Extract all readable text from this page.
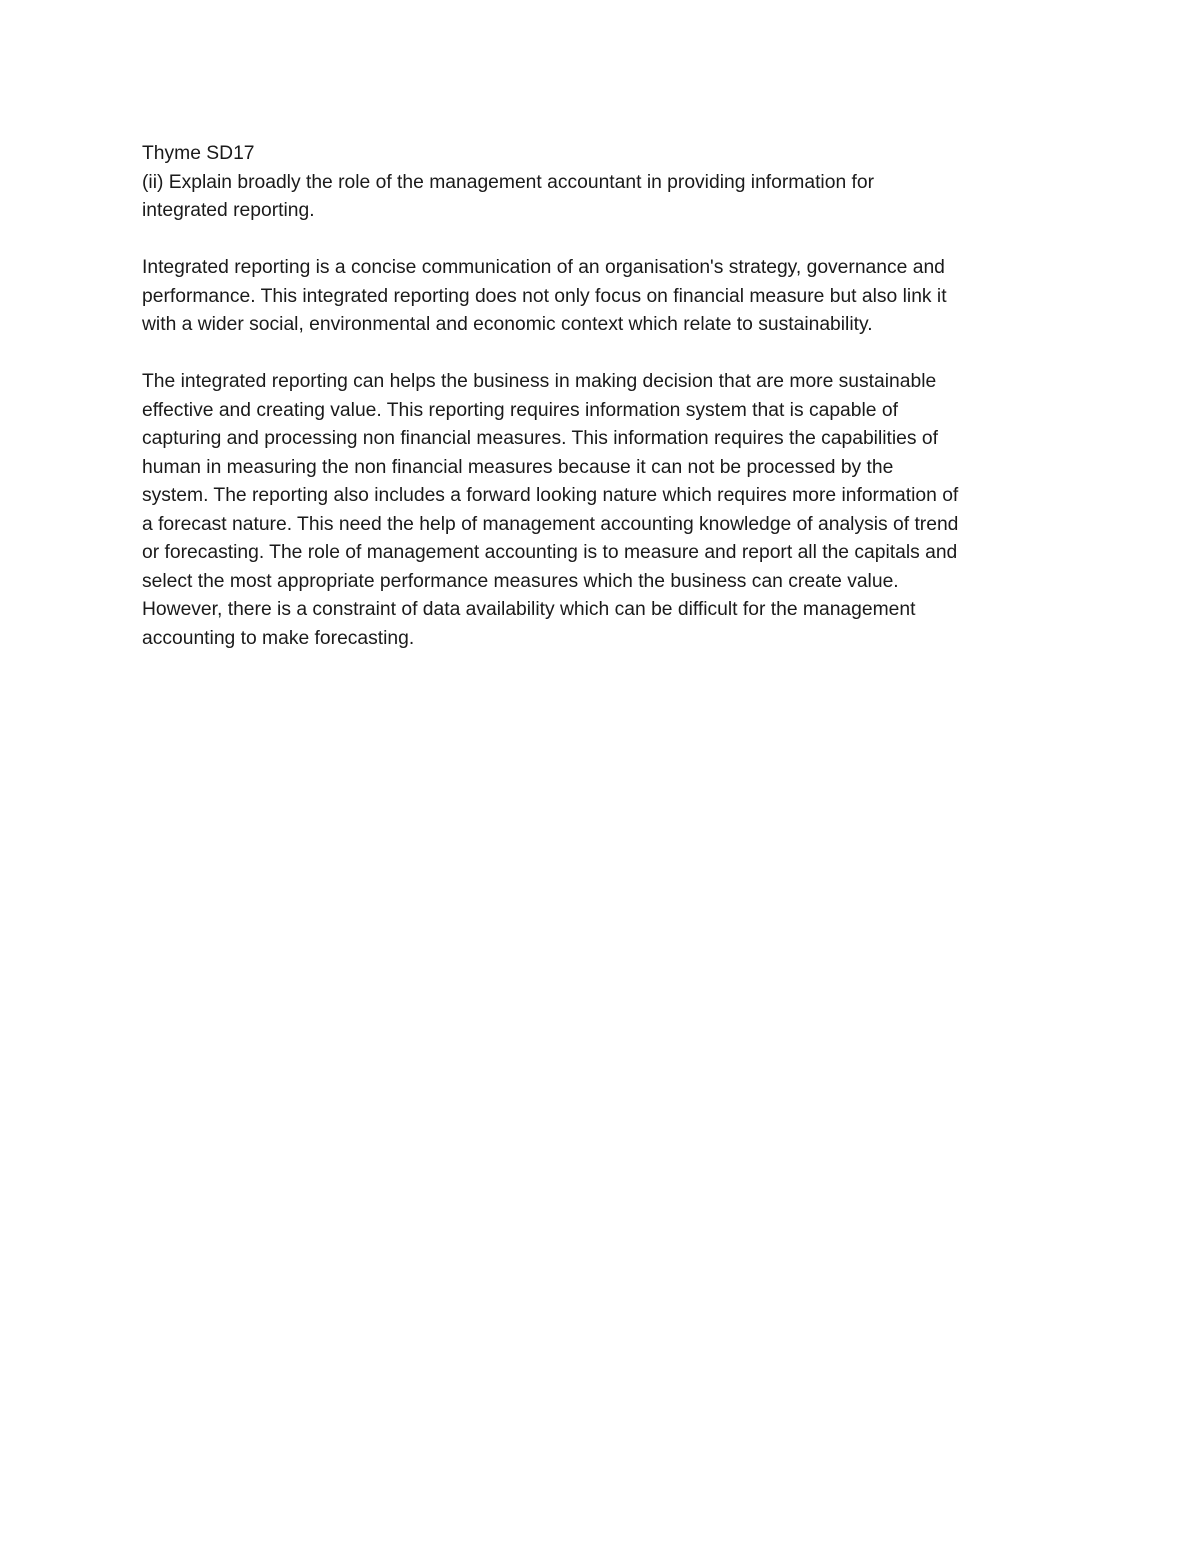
Thyme SD17
(ii) Explain broadly the role of the management accountant in providing information for
integrated reporting.
Integrated reporting is a concise communication of an organisation's strategy, governance and
performance. This integrated reporting does not only focus on financial measure but also link it
with a wider social, environmental and economic context which relate to sustainability.
The integrated reporting can helps the business in making decision that are more sustainable
effective and creating value. This reporting requires information system that is capable of
capturing and processing non financial measures. This information requires the capabilities of
human in measuring the non financial measures because it can not be processed by the
system. The reporting also includes a forward looking nature which requires more information of
a forecast nature. This need the help of management accounting knowledge of analysis of trend
or forecasting. The role of management accounting is to measure and report all the capitals and
select the most appropriate performance measures which the business can create value.
However, there is a constraint of data availability which can be difficult for the management
accounting to make forecasting.
